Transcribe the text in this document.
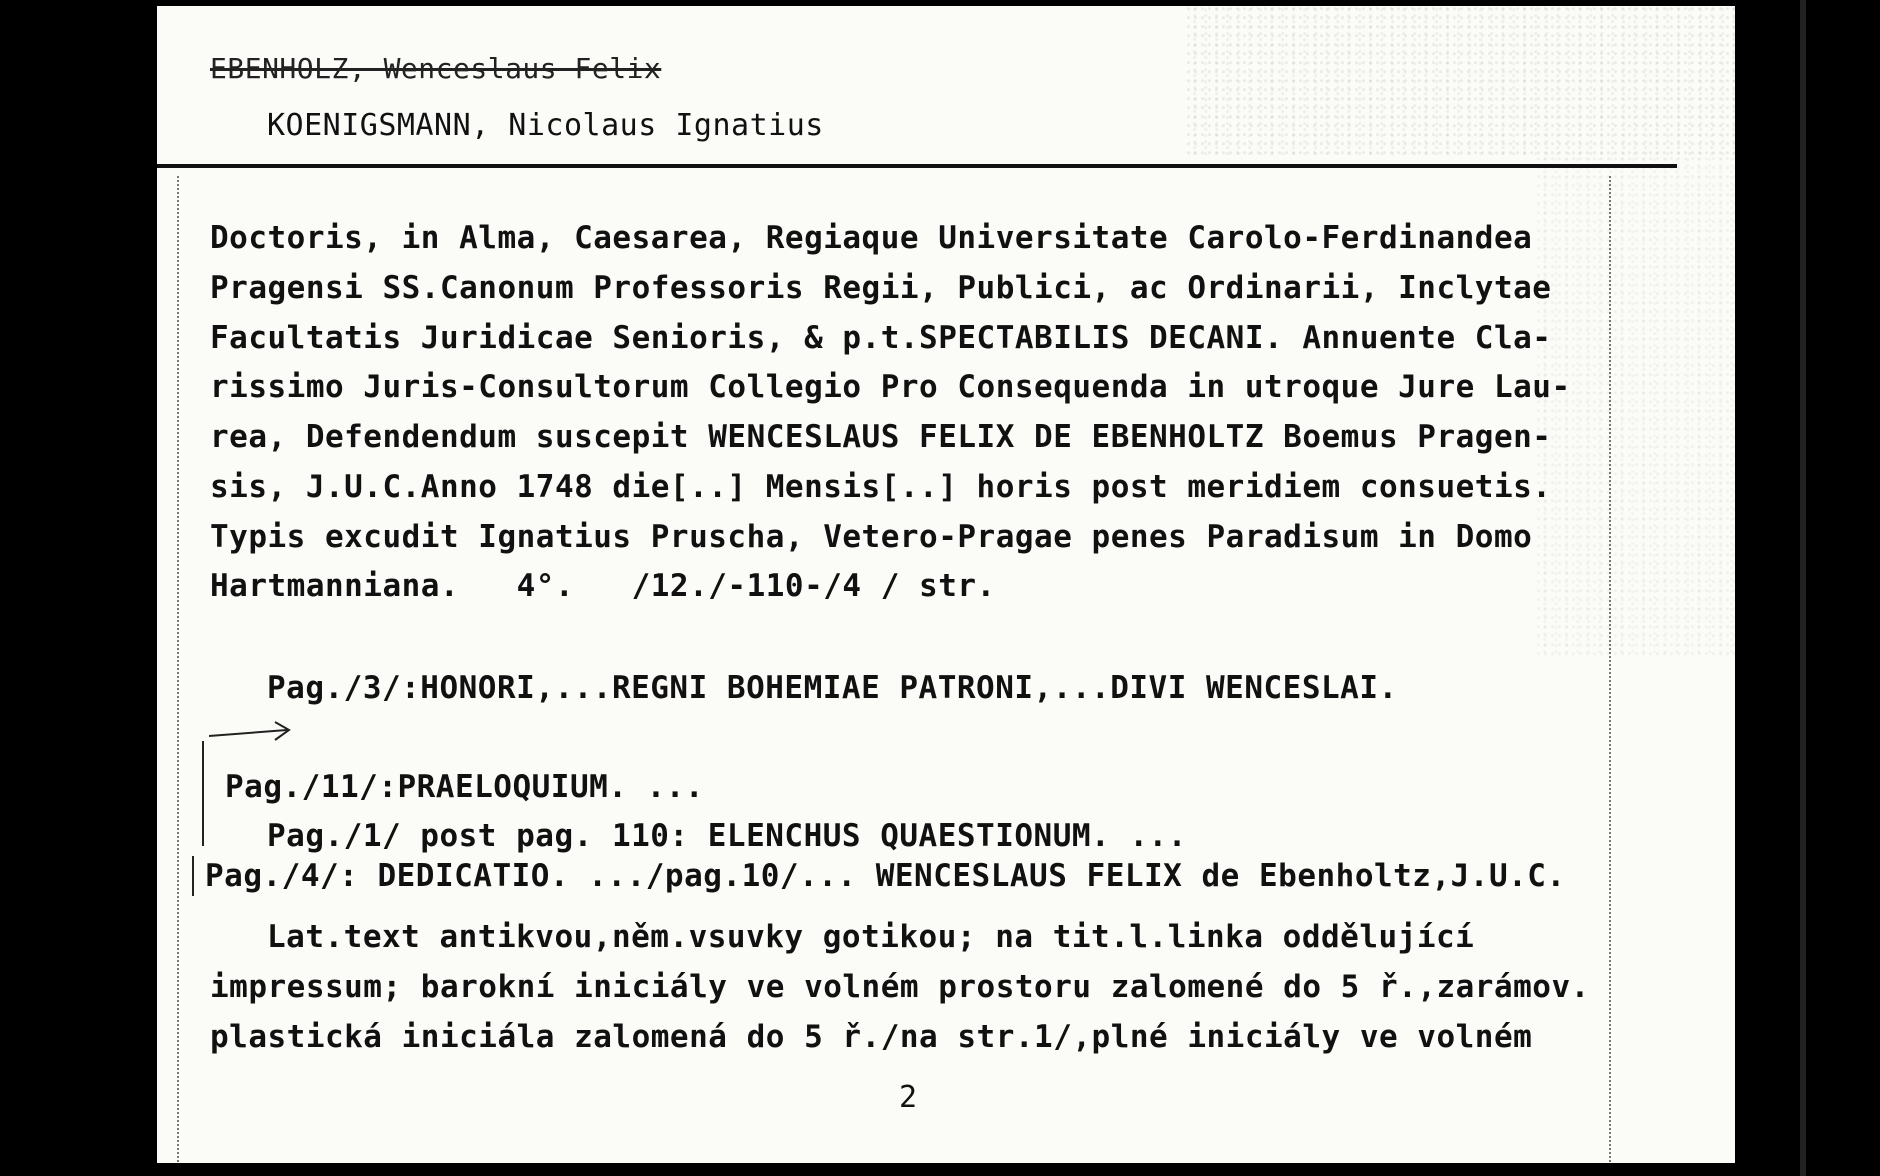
EBENHOLZ, Wenceslaus Felix
KOENIGSMANN, Nicolaus Ignatius
Doctoris, in Alma, Caesarea, Regiaque Universitate Carolo-Ferdinandea
Pragensi SS.Canonum Professoris Regii, Publici, ac Ordinarii, Inclytae
Facultatis Juridicae Senioris, & p.t.SPECTABILIS DECANI. Annuente Cla-
rissimo Juris-Consultorum Collegio Pro Consequenda in utroque Jure Lau-
rea, Defendendum suscepit WENCESLAUS FELIX DE EBENHOLTZ Boemus Pragen-
sis, J.U.C.Anno 1748 die[..] Mensis[..] horis post meridiem consuetis.
Typis excudit Ignatius Pruscha, Vetero-Pragae penes Paradisum in Domo
Hartmanniana.   4°.   /12./-110-/4 / str.
Pag./3/:HONORI,...REGNI BOHEMIAE PATRONI,...DIVI WENCESLAI.
Pag./11/:PRAELOQUIUM. ...
Pag./1/ post pag. 110: ELENCHUS QUAESTIONUM. ...
Pag./4/: DEDICATIO. .../pag.10/... WENCESLAUS FELIX de Ebenholtz,J.U.C.
Lat.text antikvou,něm.vsuvky gotikou; na tit.l.linka oddělující
impressum; barokní iniciály ve volném prostoru zalomené do 5 ř.,zarámov.
plastická iniciála zalomená do 5 ř./na str.1/,plné iniciály ve volném
2
